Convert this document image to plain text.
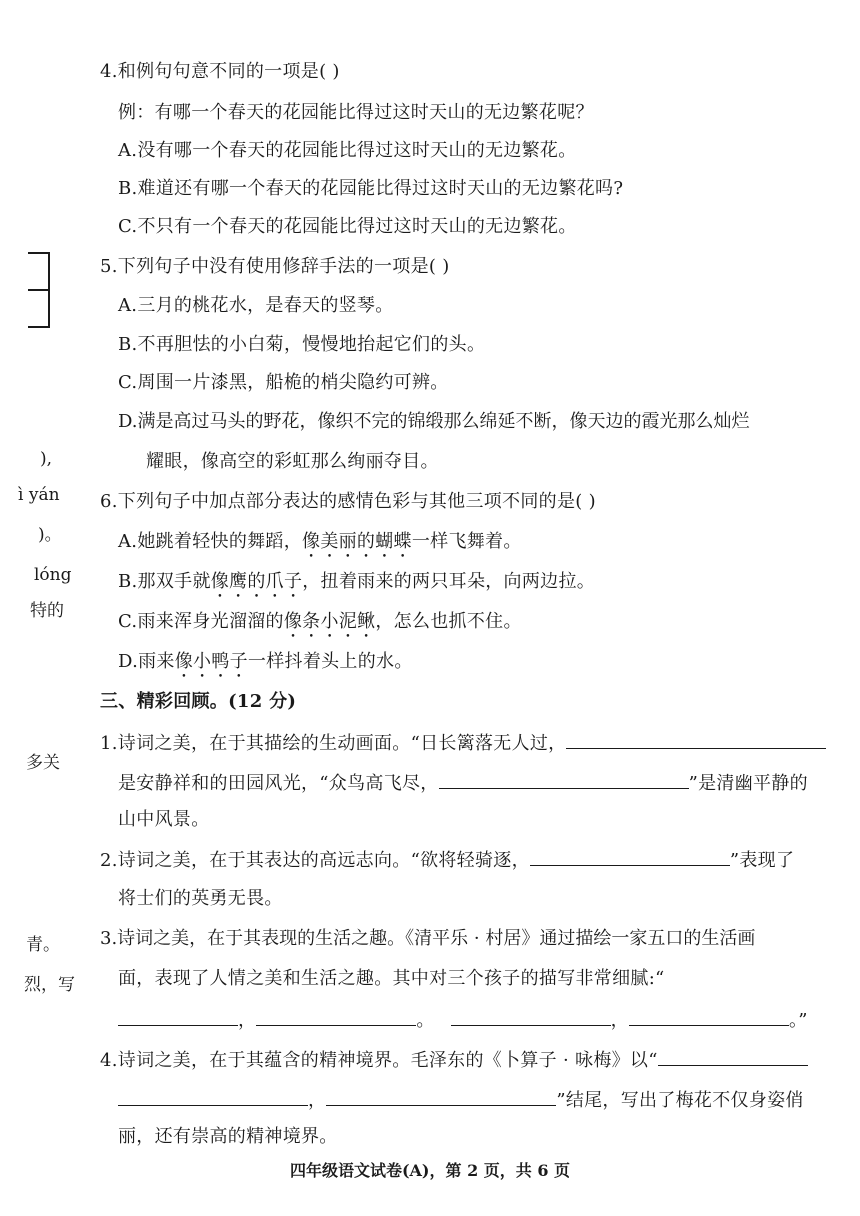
),
ì yán
)。
lóng
特的
多关
青。
烈，写
4.和例句句意不同的一项是( )
例：有哪一个春天的花园能比得过这时天山的无边繁花呢？
A.没有哪一个春天的花园能比得过这时天山的无边繁花。
B.难道还有哪一个春天的花园能比得过这时天山的无边繁花吗?
C.不只有一个春天的花园能比得过这时天山的无边繁花。
5.下列句子中没有使用修辞手法的一项是( )
A.三月的桃花水，是春天的竖琴。
B.不再胆怯的小白菊，慢慢地抬起它们的头。
C.周围一片漆黑，船桅的梢尖隐约可辨。
D.满是高过马头的野花，像织不完的锦缎那么绵延不断，像天边的霞光那么灿烂
耀眼，像高空的彩虹那么绚丽夺目。
6.下列句子中加点部分表达的感情色彩与其他三项不同的是( )
A.她跳着轻快的舞蹈，像美丽的蝴蝶一样飞舞着。
B.那双手就像鹰的爪子，扭着雨来的两只耳朵，向两边拉。
C.雨来浑身光溜溜的像条小泥鳅，怎么也抓不住。
D.雨来像小鸭子一样抖着头上的水。
三、精彩回顾。(12 分)
1.诗词之美，在于其描绘的生动画面。“日长篱落无人过，
是安静祥和的田园风光，“众鸟高飞尽，	”是清幽平静的
山中风景。
2.诗词之美，在于其表达的高远志向。“欲将轻骑逐，	”表现了
将士们的英勇无畏。
3.诗词之美，在于其表现的生活之趣。《清平乐 · 村居》通过描绘一家五口的生活画
面，表现了人情之美和生活之趣。其中对三个孩子的描写非常细腻:“
，	。	，	。”
4.诗词之美，在于其蕴含的精神境界。毛泽东的《卜算子 · 咏梅》以“
，	”结尾，写出了梅花不仅身姿俏
丽，还有崇高的精神境界。
四年级语文试卷(A)，第 2 页，共 6 页
